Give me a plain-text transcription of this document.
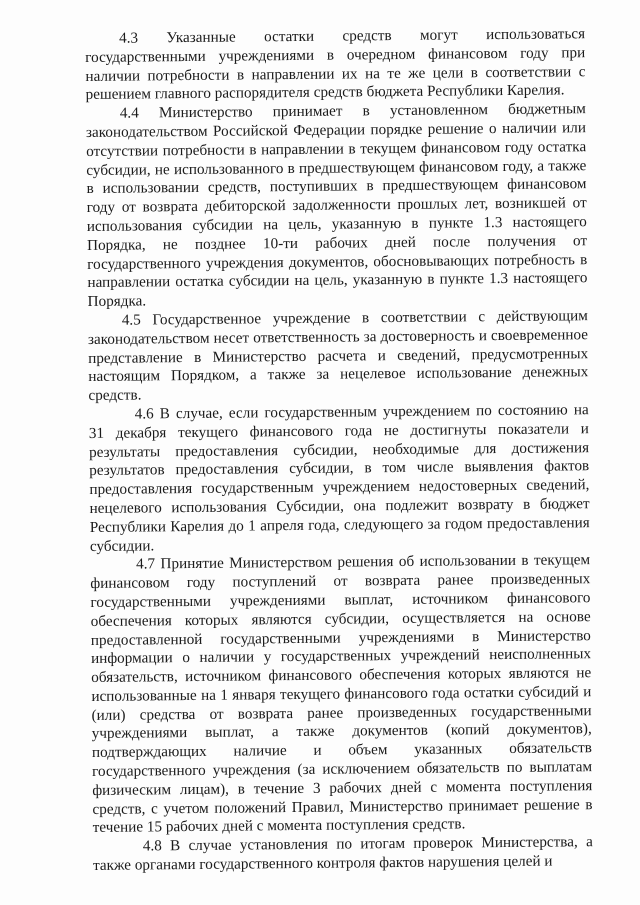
4.3 Указанные остатки средств могут использоваться государственными учреждениями в очередном финансовом году при наличии потребности в направлении их на те же цели в соответствии с решением главного распорядителя средств бюджета Республики Карелия.

4.4 Министерство принимает в установленном бюджетным законодательством Российской Федерации порядке решение о наличии или отсутствии потребности в направлении в текущем финансовом году остатка субсидии, не использованного в предшествующем финансовом году, а также в использовании средств, поступивших в предшествующем финансовом году от возврата дебиторской задолженности прошлых лет, возникшей от использования субсидии на цель, указанную в пункте 1.3 настоящего Порядка, не позднее 10-ти рабочих дней после получения от государственного учреждения документов, обосновывающих потребность в направлении остатка субсидии на цель, указанную в пункте 1.3 настоящего Порядка.

4.5 Государственное учреждение в соответствии с действующим законодательством несет ответственность за достоверность и своевременное представление в Министерство расчета и сведений, предусмотренных настоящим Порядком, а также за нецелевое использование денежных средств.

4.6 В случае, если государственным учреждением по состоянию на 31 декабря текущего финансового года не достигнуты показатели и результаты предоставления субсидии, необходимые для достижения результатов предоставления субсидии, в том числе выявления фактов предоставления государственным учреждением недостоверных сведений, нецелевого использования Субсидии, она подлежит возврату в бюджет Республики Карелия до 1 апреля года, следующего за годом предоставления субсидии.

4.7 Принятие Министерством решения об использовании в текущем финансовом году поступлений от возврата ранее произведенных государственными учреждениями выплат, источником финансового обеспечения которых являются субсидии, осуществляется на основе предоставленной государственными учреждениями в Министерство информации о наличии у государственных учреждений неисполненных обязательств, источником финансового обеспечения которых являются не использованные на 1 января текущего финансового года остатки субсидий и (или) средства от возврата ранее произведенных государственными учреждениями выплат, а также документов (копий документов), подтверждающих наличие и объем указанных обязательств государственного учреждения (за исключением обязательств по выплатам физическим лицам), в течение 3 рабочих дней с момента поступления средств, с учетом положений Правил, Министерство принимает решение в течение 15 рабочих дней с момента поступления средств.

4.8 В случае установления по итогам проверок Министерства, а также органами государственного контроля фактов нарушения целей и
